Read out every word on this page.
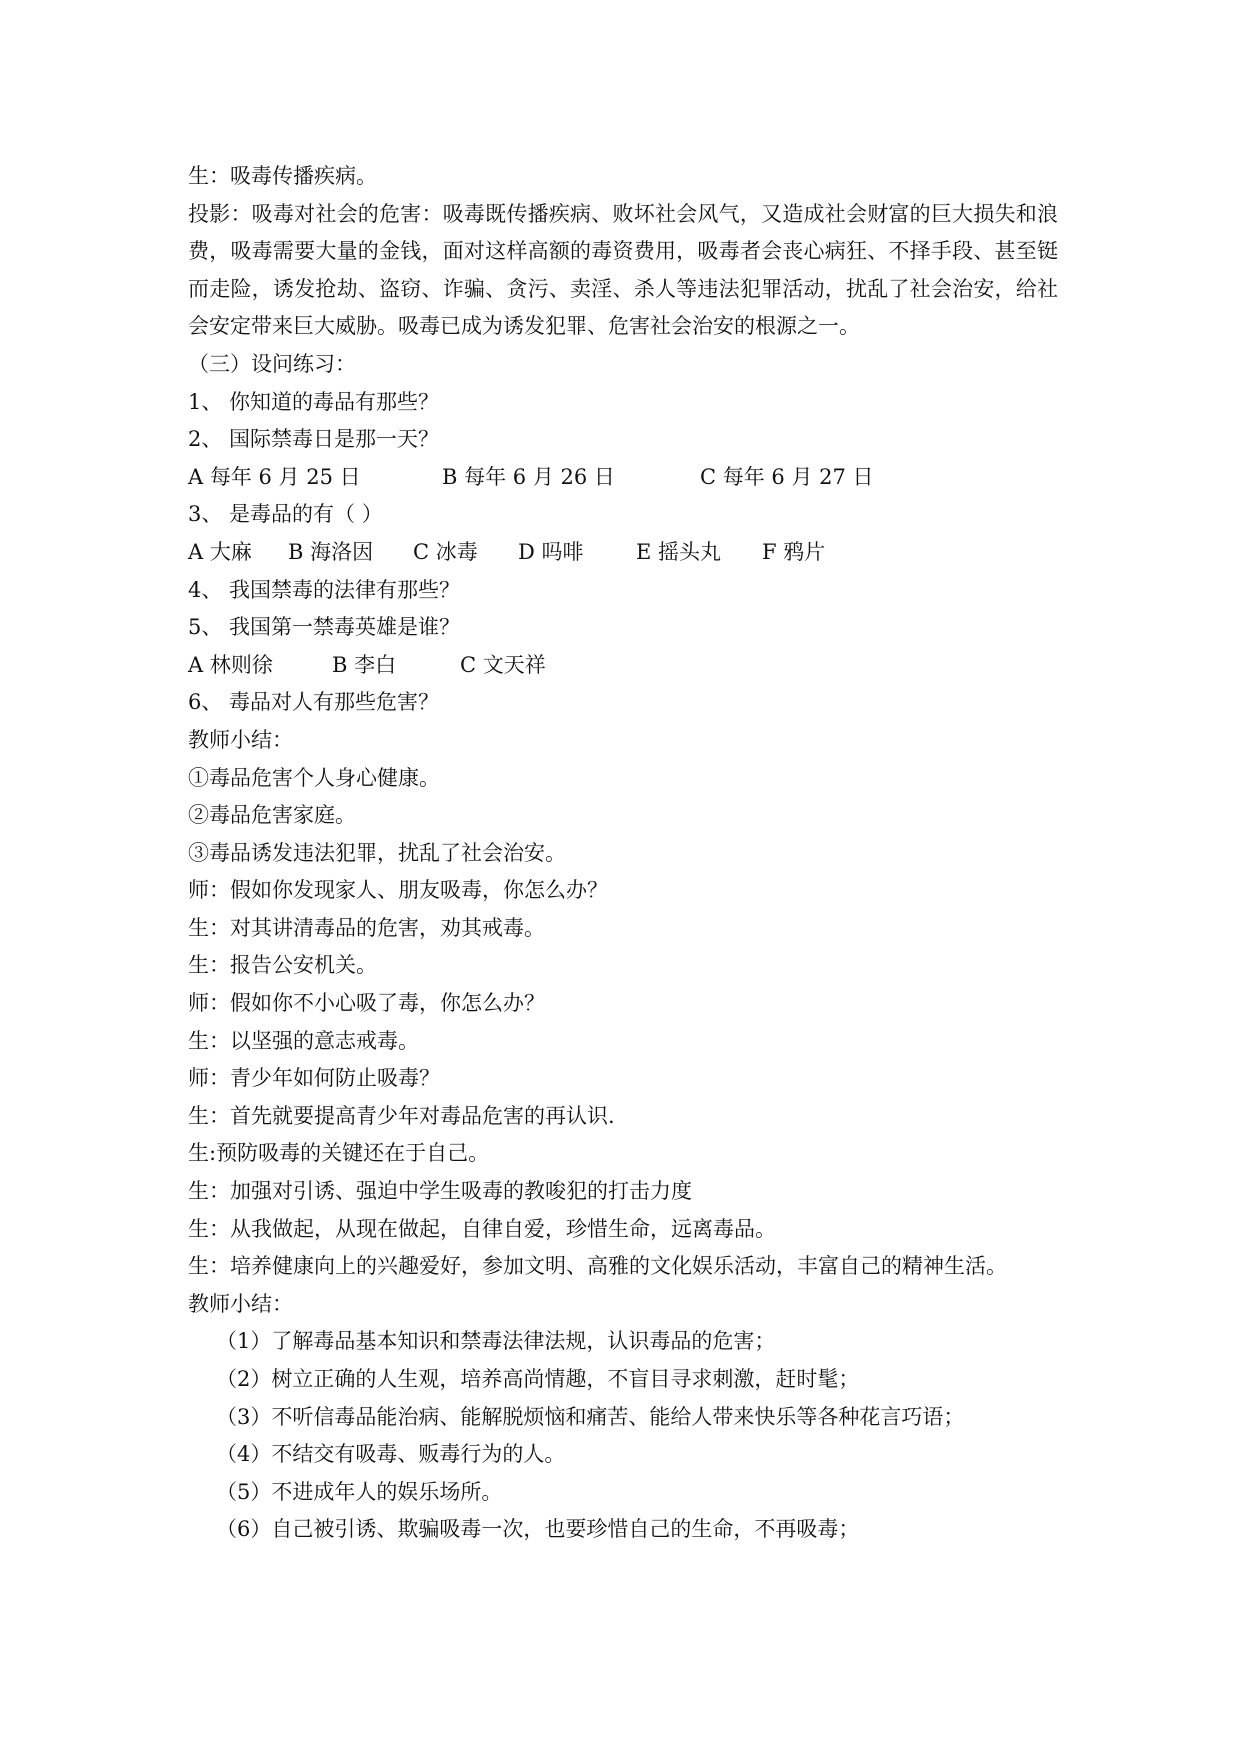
生：吸毒传播疾病。
投影：吸毒对社会的危害：吸毒既传播疾病、败坏社会风气，又造成社会财富的巨大损失和浪费，吸毒需要大量的金钱，面对这样高额的毒资费用，吸毒者会丧心病狂、不择手段、甚至铤而走险，诱发抢劫、盗窃、诈骗、贪污、卖淫、杀人等违法犯罪活动，扰乱了社会治安，给社会安定带来巨大威胁。吸毒已成为诱发犯罪、危害社会治安的根源之一。
（三）设问练习：
1、 你知道的毒品有那些？
2、 国际禁毒日是那一天？
A 每年 6 月 25 日	B 每年 6 月 26 日	C 每年 6 月 27 日
3、 是毒品的有（ ）
A 大麻	B 海洛因	C 冰毒	D 吗啡	E 摇头丸	F 鸦片
4、 我国禁毒的法律有那些？
5、 我国第一禁毒英雄是谁？
A 林则徐	B 李白	C 文天祥
6、 毒品对人有那些危害？
教师小结：
①毒品危害个人身心健康。
②毒品危害家庭。
③毒品诱发违法犯罪，扰乱了社会治安。
师：假如你发现家人、朋友吸毒，你怎么办？
生：对其讲清毒品的危害，劝其戒毒。
生：报告公安机关。
师：假如你不小心吸了毒，你怎么办？
生：以坚强的意志戒毒。
师：青少年如何防止吸毒？
生：首先就要提高青少年对毒品危害的再认识.
生:预防吸毒的关键还在于自己。
生：加强对引诱、强迫中学生吸毒的教唆犯的打击力度
生：从我做起，从现在做起，自律自爱，珍惜生命，远离毒品。
生：培养健康向上的兴趣爱好，参加文明、高雅的文化娱乐活动，丰富自己的精神生活。
教师小结：
（1）了解毒品基本知识和禁毒法律法规，认识毒品的危害；
（2）树立正确的人生观，培养高尚情趣，不盲目寻求刺激，赶时髦；
（3）不听信毒品能治病、能解脱烦恼和痛苦、能给人带来快乐等各种花言巧语；
（4）不结交有吸毒、贩毒行为的人。
（5）不进成年人的娱乐场所。
（6）自己被引诱、欺骗吸毒一次，也要珍惜自己的生命，不再吸毒；
